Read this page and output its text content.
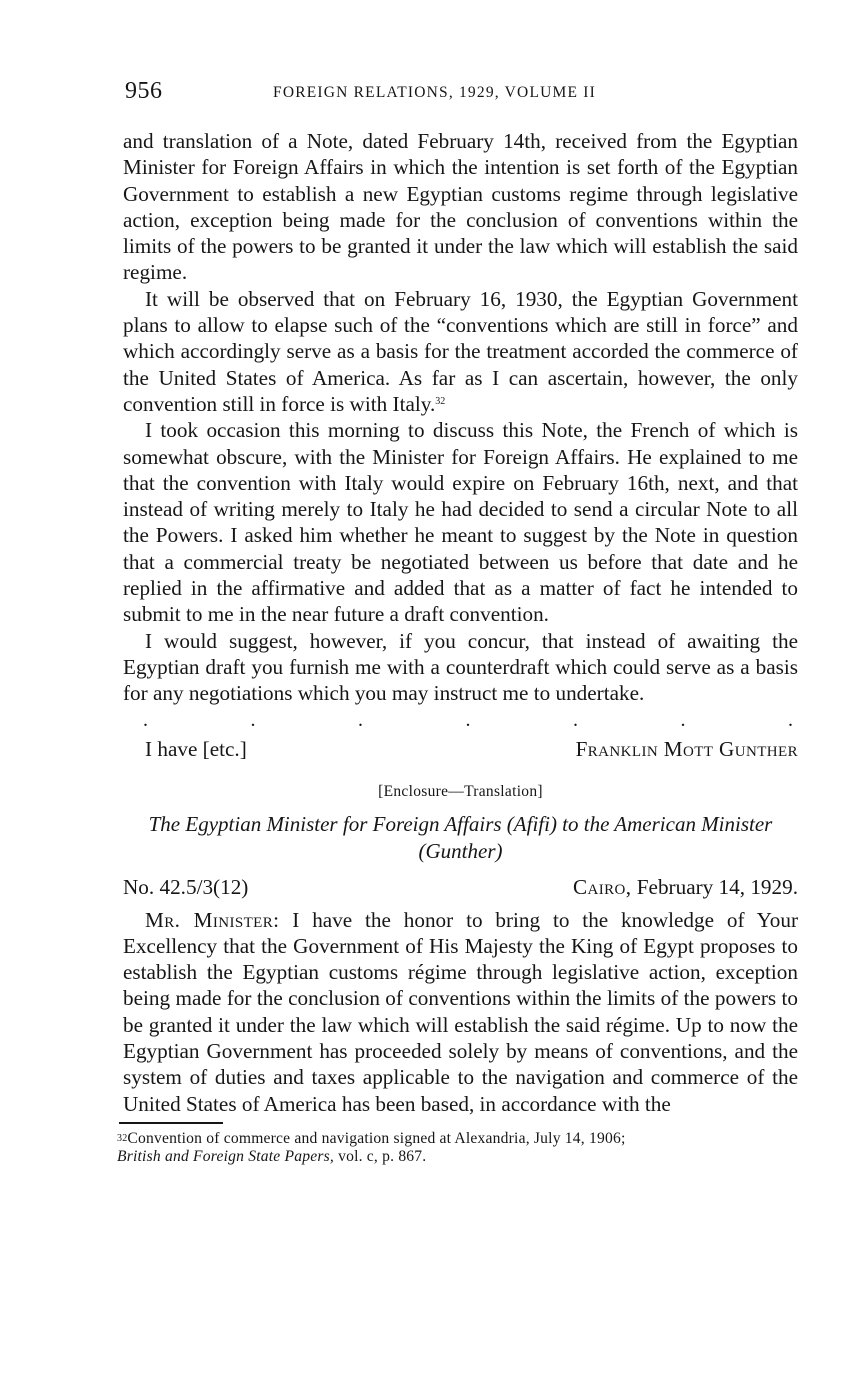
956	FOREIGN RELATIONS, 1929, VOLUME II

and translation of a Note, dated February 14th, received from the Egyptian Minister for Foreign Affairs in which the intention is set forth of the Egyptian Government to establish a new Egyptian customs regime through legislative action, exception being made for the conclusion of conventions within the limits of the powers to be granted it under the law which will establish the said regime.

It will be observed that on February 16, 1930, the Egyptian Government plans to allow to elapse such of the “conventions which are still in force” and which accordingly serve as a basis for the treatment accorded the commerce of the United States of America. As far as I can ascertain, however, the only convention still in force is with Italy.$^{32}$

I took occasion this morning to discuss this Note, the French of which is somewhat obscure, with the Minister for Foreign Affairs. He explained to me that the convention with Italy would expire on February 16th, next, and that instead of writing merely to Italy he had decided to send a circular Note to all the Powers. I asked him whether he meant to suggest by the Note in question that a commercial treaty be negotiated between us before that date and he replied in the affirmative and added that as a matter of fact he intended to submit to me in the near future a draft convention.

I would suggest, however, if you concur, that instead of awaiting the Egyptian draft you furnish me with a counterdraft which could serve as a basis for any negotiations which you may instruct me to undertake.

.	.	.	.	.	.	.
I have [etc.]	Franklin Mott Gunther
[Enclosure—Translation]
The Egyptian Minister for Foreign Affairs (Afifi) to the American Minister (Gunther)
No. 42.5/3(12)	Cairo, February 14, 1929.

Mr. Minister: I have the honor to bring to the knowledge of Your Excellency that the Government of His Majesty the King of Egypt proposes to establish the Egyptian customs régime through legislative action, exception being made for the conclusion of conventions within the limits of the powers to be granted it under the law which will establish the said régime. Up to now the Egyptian Government has proceeded solely by means of conventions, and the system of duties and taxes applicable to the navigation and commerce of the United States of America has been based, in accordance with the

$^{32}$Convention of commerce and navigation signed at Alexandria, July 14, 1906;
British and Foreign State Papers, vol. c, p. 867.
